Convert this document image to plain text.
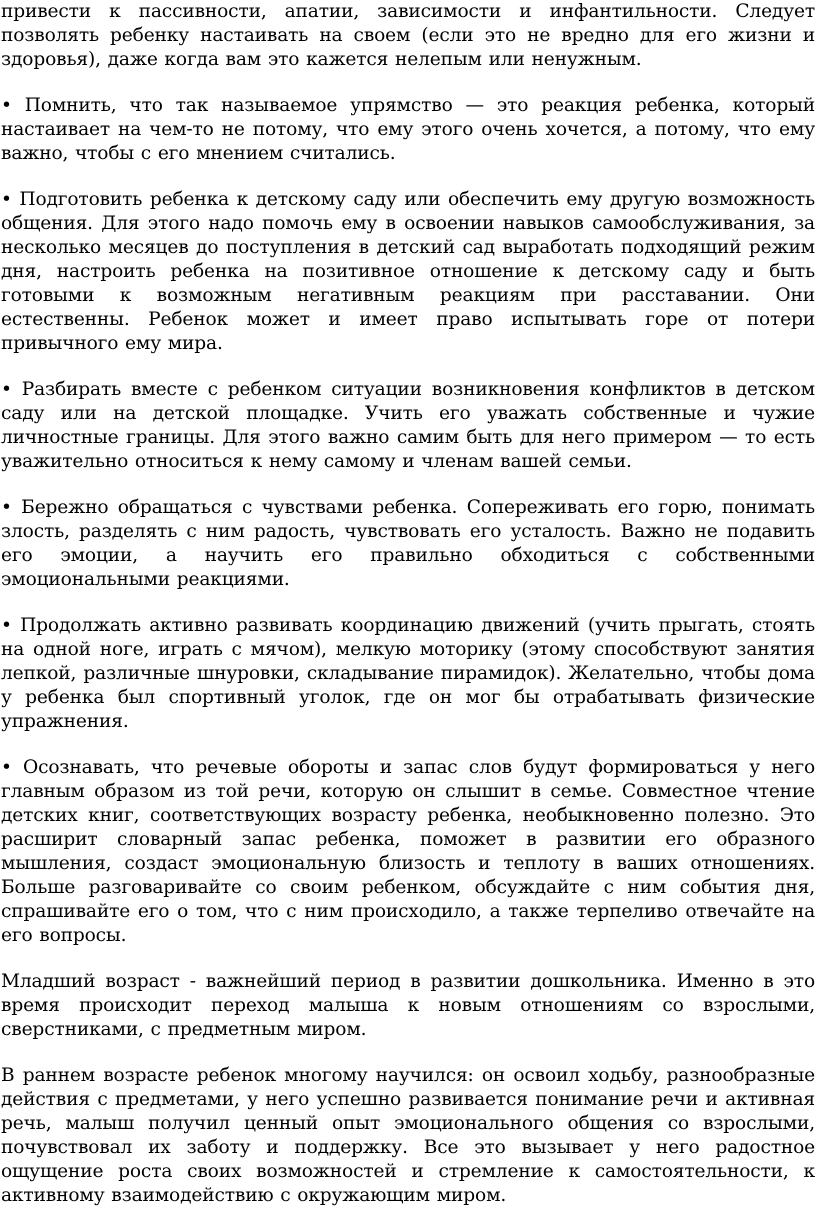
привести к пассивности, апатии, зависимости и инфантильности. Следует позволять ребенку настаивать на своем (если это не вредно для его жизни и здоровья), даже когда вам это кажется нелепым или ненужным.

• Помнить, что так называемое упрямство — это реакция ребенка, который настаивает на чем-то не потому, что ему этого очень хочется, а потому, что ему важно, чтобы с его мнением считались.

• Подготовить ребенка к детскому саду или обеспечить ему другую возможность общения. Для этого надо помочь ему в освоении навыков самообслуживания, за несколько месяцев до поступления в детский сад выработать подходящий режим дня, настроить ребенка на позитивное отношение к детскому саду и быть готовыми к возможным негативным реакциям при расставании. Они естественны. Ребенок может и имеет право испытывать горе от потери привычного ему мира.

• Разбирать вместе с ребенком ситуации возникновения конфликтов в детском саду или на детской площадке. Учить его уважать собственные и чужие личностные границы. Для этого важно самим быть для него примером — то есть уважительно относиться к нему самому и членам вашей семьи.

• Бережно обращаться с чувствами ребенка. Сопереживать его горю, понимать злость, разделять с ним радость, чувствовать его усталость. Важно не подавить его эмоции, а научить его правильно обходиться с собственными эмоциональными реакциями.

• Продолжать активно развивать координацию движений (учить прыгать, стоять на одной ноге, играть с мячом), мелкую моторику (этому способствуют занятия лепкой, различные шнуровки, складывание пирамидок). Желательно, чтобы дома у ребенка был спортивный уголок, где он мог бы отрабатывать физические упражнения.

• Осознавать, что речевые обороты и запас слов будут формироваться у него главным образом из той речи, которую он слышит в семье. Совместное чтение детских книг, соответствующих возрасту ребенка, необыкновенно полезно. Это расширит словарный запас ребенка, поможет в развитии его образного мышления, создаст эмоциональную близость и теплоту в ваших отношениях. Больше разговаривайте со своим ребенком, обсуждайте с ним события дня, спрашивайте его о том, что с ним происходило, а также терпеливо отвечайте на его вопросы.

Младший возраст - важнейший период в развитии дошкольника. Именно в это время происходит переход малыша к новым отношениям со взрослыми, сверстниками, с предметным миром.

В раннем возрасте ребенок многому научился: он освоил ходьбу, разнообразные действия с предметами, у него успешно развивается понимание речи и активная речь, малыш получил ценный опыт эмоционального общения со взрослыми, почувствовал их заботу и поддержку. Все это вызывает у него радостное ощущение роста своих возможностей и стремление к самостоятельности, к активному взаимодействию с окружающим миром.
